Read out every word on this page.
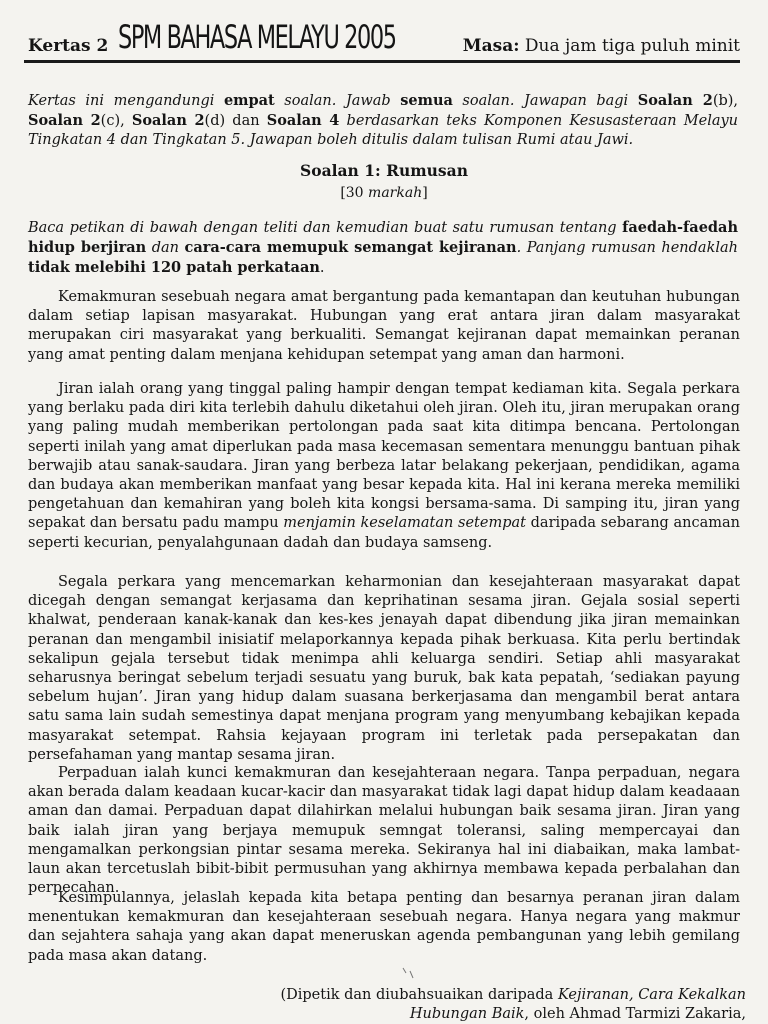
Kertas 2 SPM BAHASA MELAYU 2005	Masa: Dua jam tiga puluh minit
Kertas ini mengandungi empat soalan. Jawab semua soalan. Jawapan bagi Soalan 2(b), Soalan 2(c), Soalan 2(d) dan Soalan 4 berdasarkan teks Komponen Kesusasteraan Melayu Tingkatan 4 dan Tingkatan 5. Jawapan boleh ditulis dalam tulisan Rumi atau Jawi.
Soalan 1: Rumusan
[30 markah]
Baca petikan di bawah dengan teliti dan kemudian buat satu rumusan tentang faedah-faedah hidup berjiran dan cara-cara memupuk semangat kejiranan. Panjang rumusan hendaklah tidak melebihi 120 patah perkataan.

Kemakmuran sesebuah negara amat bergantung pada kemantapan dan keutuhan hubungan dalam setiap lapisan masyarakat. Hubungan yang erat antara jiran dalam masyarakat merupakan ciri masyarakat yang berkualiti. Semangat kejiranan dapat memainkan peranan yang amat penting dalam menjana kehidupan setempat yang aman dan harmoni.

Jiran ialah orang yang tinggal paling hampir dengan tempat kediaman kita. Segala perkara yang berlaku pada diri kita terlebih dahulu diketahui oleh jiran. Oleh itu, jiran merupakan orang yang paling mudah memberikan pertolongan pada saat kita ditimpa bencana. Pertolongan seperti inilah yang amat diperlukan pada masa kecemasan sementara menunggu bantuan pihak berwajib atau sanak-saudara. Jiran yang berbeza latar belakang pekerjaan, pendidikan, agama dan budaya akan memberikan manfaat yang besar kepada kita. Hal ini kerana mereka memiliki pengetahuan dan kemahiran yang boleh kita kongsi bersama-sama. Di samping itu, jiran yang sepakat dan bersatu padu mampu menjamin keselamatan setempat daripada sebarang ancaman seperti kecurian, penyalahgunaan dadah dan budaya samseng.

Segala perkara yang mencemarkan keharmonian dan kesejahteraan masyarakat dapat dicegah dengan semangat kerjasama dan keprihatinan sesama jiran. Gejala sosial seperti khalwat, penderaan kanak-kanak dan kes-kes jenayah dapat dibendung jika jiran memainkan peranan dan mengambil inisiatif melaporkannya kepada pihak berkuasa. Kita perlu bertindak sekalipun gejala tersebut tidak menimpa ahli keluarga sendiri. Setiap ahli masyarakat seharusnya beringat sebelum terjadi sesuatu yang buruk, bak kata pepatah, ‘sediakan payung sebelum hujan’. Jiran yang hidup dalam suasana berkerjasama dan mengambil berat antara satu sama lain sudah semestinya dapat menjana program yang menyumbang kebajikan kepada masyarakat setempat. Rahsia kejayaan program ini terletak pada persepakatan dan persefahaman yang mantap sesama jiran.

Perpaduan ialah kunci kemakmuran dan kesejahteraan negara. Tanpa perpaduan, negara akan berada dalam keadaan kucar-kacir dan masyarakat tidak lagi dapat hidup dalam keadaaan aman dan damai. Perpaduan dapat dilahirkan melalui hubungan baik sesama jiran. Jiran yang baik ialah jiran yang berjaya memupuk semngat toleransi, saling mempercayai dan mengamalkan perkongsian pintar sesama mereka. Sekiranya hal ini diabaikan, maka lambat-laun akan tercetuslah bibit-bibit permusuhan yang akhirnya membawa kepada perbalahan dan perpecahan.

Kesimpulannya, jelaslah kepada kita betapa penting dan besarnya peranan jiran dalam menentukan kemakmuran dan kesejahteraan sesebuah negara. Hanya negara yang makmur dan sejahtera sahaja yang akan dapat meneruskan agenda pembangunan yang lebih gemilang pada masa akan datang.

(Dipetik dan diubahsuaikan daripada Kejiranan, Cara Kekalkan
Hubungan Baik, oleh Ahmad Tarmizi Zakaria,
